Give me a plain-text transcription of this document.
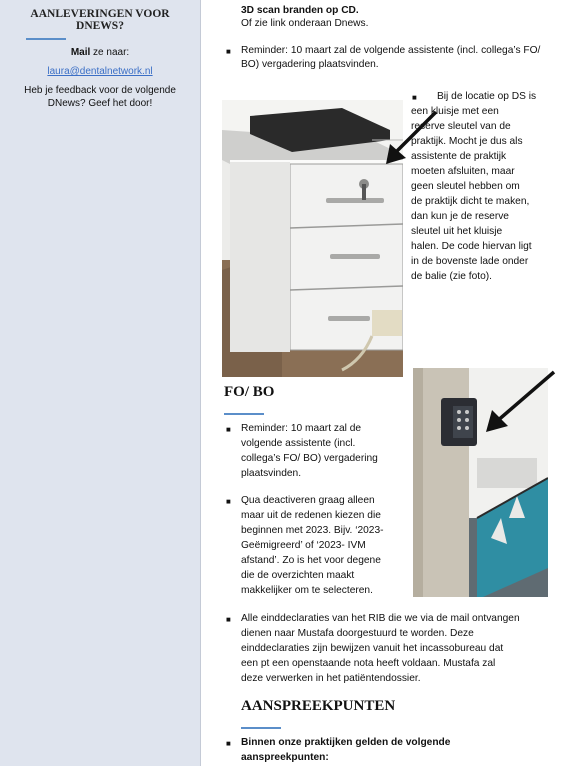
AANLEVERINGEN VOOR DNEWS?
Mail ze naar:
laura@dentalnetwork.nl
Heb je feedback voor de volgende DNews? Geef het door!
3D scan branden op CD.
Of zie link onderaan Dnews.
■ Reminder: 10 maart zal de volgende assistente (incl. collega’s FO/ BO) vergadering plaatsvinden.
■ Bij de locatie op DS is
een kluisje met een
reserve sleutel van de
praktijk. Mocht je dus als
assistente de praktijk
moeten afsluiten, maar
geen sleutel hebben om
de praktijk dicht te maken,
dan kun je de reserve
sleutel uit het kluisje
halen. De code hiervan ligt
in de bovenste lade onder
de balie (zie foto).
FO/ BO
■ Reminder: 10 maart zal de
volgende assistente (incl.
collega’s FO/ BO) vergadering
plaatsvinden.
■ Qua deactiveren graag alleen
maar uit de redenen kiezen die
beginnen met 2023. Bijv. ‘2023-
Geëmigreerd’ of ‘2023- IVM
afstand’. Zo is het voor degene
die de overzichten maakt
makkelijker om te selecteren.
■ Alle einddeclaraties van het RIB die we via de mail ontvangen
dienen naar Mustafa doorgestuurd te worden. Deze
einddeclaraties zijn bewijzen vanuit het incassobureau dat
een pt een openstaande nota heeft voldaan. Mustafa zal
deze verwerken in het patiëntendossier.
AANSPREEKPUNTEN
■ Binnen onze praktijken gelden de volgende
aanspreekpunten:
